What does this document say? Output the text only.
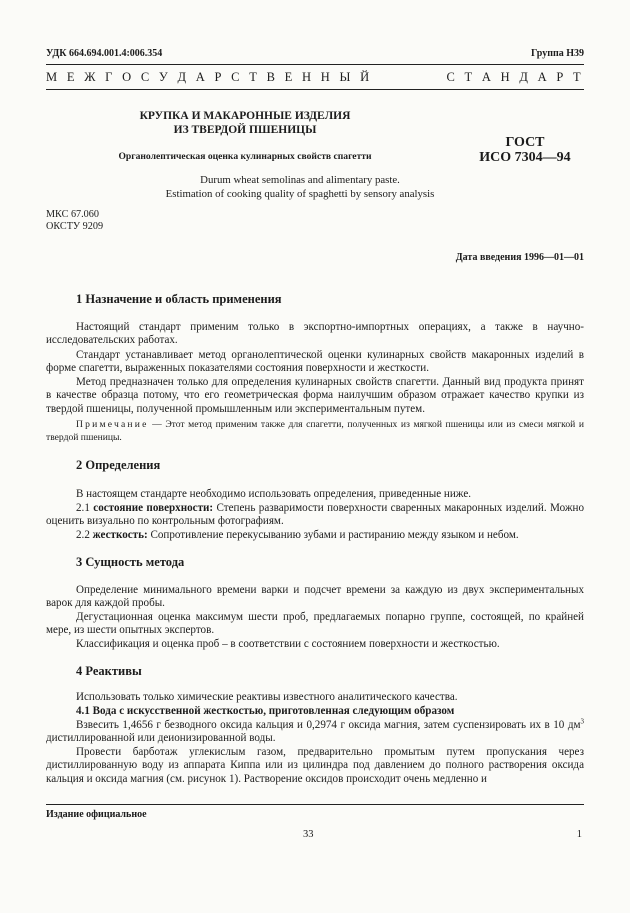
УДК 664.694.001.4:006.354	Группа Н39
М Е Ж Г О С У Д А Р С Т В Е Н Н Ы Й	С Т А Н Д А Р Т
КРУПКА И МАКАРОННЫЕ ИЗДЕЛИЯ
ИЗ ТВЕРДОЙ ПШЕНИЦЫ
Органолептическая оценка кулинарных свойств спагетти
ГОСТ
ИСО 7304—94
Durum wheat semolinas and alimentary paste.
Estimation of cooking quality of spaghetti by sensory analysis
МКС 67.060
ОКСТУ 9209
Дата введения 1996—01—01
1 Назначение и область применения
Настоящий стандарт применим только в экспортно-импортных операциях, а также в научно-исследовательских работах.
Стандарт устанавливает метод органолептической оценки кулинарных свойств макаронных изделий в форме спагетти, выраженных показателями состояния поверхности и жесткости.
Метод предназначен только для определения кулинарных свойств спагетти. Данный вид продукта принят в качестве образца потому, что его геометрическая форма наилучшим образом отражает качество крупки из твердой пшеницы, полученной промышленным или экспериментальным путем.
Примечание — Этот метод применим также для спагетти, полученных из мягкой пшеницы или из смеси мягкой и твердой пшеницы.
2 Определения
В настоящем стандарте необходимо использовать определения, приведенные ниже.
2.1 состояние поверхности: Степень разваримости поверхности сваренных макаронных изделий. Можно оценить визуально по контрольным фотографиям.
2.2 жесткость: Сопротивление перекусыванию зубами и растиранию между языком и небом.
3 Сущность метода
Определение минимального времени варки и подсчет времени за каждую из двух экспериментальных варок для каждой пробы.
Дегустационная оценка максимум шести проб, предлагаемых попарно группе, состоящей, по крайней мере, из шести опытных экспертов.
Классификация и оценка проб – в соответствии с состоянием поверхности и жесткостью.
4 Реактивы
Использовать только химические реактивы известного аналитического качества.
4.1 Вода с искусственной жесткостью, приготовленная следующим образом
Взвесить 1,4656 г безводного оксида кальция и 0,2974 г оксида магния, затем суспензировать их в 10 $дм^3$ дистиллированной или деионизированной воды.
Провести барботаж углекислым газом, предварительно промытым путем пропускания через дистиллированную воду из аппарата Киппа или из цилиндра под давлением до полного растворения оксида кальция и оксида магния (см. рисунок 1). Растворение оксидов происходит очень медленно и
Издание официальное
33	1
